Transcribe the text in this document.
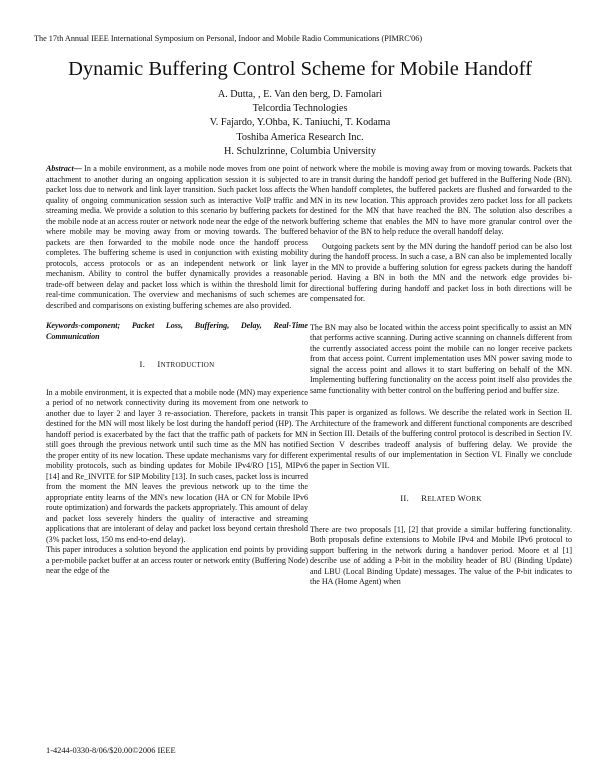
The 17th Annual IEEE International Symposium on Personal, Indoor and Mobile Radio Communications (PIMRC'06)
Dynamic Buffering Control Scheme for Mobile Handoff
A. Dutta, , E. Van den berg, D. Famolari
Telcordia Technologies
V. Fajardo, Y.Ohba, K. Taniuchi, T. Kodama
Toshiba America Research Inc.
H. Schulzrinne, Columbia University

Abstract— In a mobile environment, as a mobile node moves from one point of attachment to another during an ongoing application session it is subjected to packet loss due to network and link layer transition. Such packet loss affects the quality of ongoing communication session such as interactive VoIP traffic and streaming media. We provide a solution to this scenario by buffering packets for the mobile node at an access router or network node near the edge of the network where mobile may be moving away from or moving towards. The buffered packets are then forwarded to the mobile node once the handoff process completes. The buffering scheme is used in conjunction with existing mobility protocols, access protocols or as an independent network or link layer mechanism. Ability to control the buffer dynamically provides a reasonable trade-off between delay and packet loss which is within the threshold limit for real-time communication. The overview and mechanisms of such schemes are described and comparisons on existing buffering schemes are also provided.

Keywords-component; Packet Loss, Buffering, Delay, Real-Time Communication

I. INTRODUCTION

In a mobile environment, it is expected that a mobile node (MN) may experience a period of no network connectivity during its movement from one network to another due to layer 2 and layer 3 re-association. Therefore, packets in transit destined for the MN will most likely be lost during the handoff period (HP). The handoff period is exacerbated by the fact that the traffic path of packets for MN still goes through the previous network until such time as the MN has notified the proper entity of its new location. These update mechanisms vary for different mobility protocols, such as binding updates for Mobile IPv4/RO [15], MIPv6 [14] and Re_INVITE for SIP Mobility [13]. In such cases, packet loss is incurred from the moment the MN leaves the previous network up to the time the appropriate entity learns of the MN's new location (HA or CN for Mobile IPv6 route optimization) and forwards the packets appropriately. This amount of delay and packet loss severely hinders the quality of interactive and streaming applications that are intolerant of delay and packet loss beyond certain threshold (3% packet loss, 150 ms end-to-end delay).

This paper introduces a solution beyond the application end points by providing a per-mobile packet buffer at an access router or network entity (Buffering Node) near the edge of the

network where the mobile is moving away from or moving towards. Packets that are in transit during the handoff period get buffered in the Buffering Node (BN). When handoff completes, the buffered packets are flushed and forwarded to the MN in its new location. This approach provides zero packet loss for all packets destined for the MN that have reached the BN. The solution also describes a buffering scheme that enables the MN to have more granular control over the behavior of the BN to help reduce the overall handoff delay.

Outgoing packets sent by the MN during the handoff period can be also lost during the handoff process. In such a case, a BN can also be implemented locally in the MN to provide a buffering solution for egress packets during the handoff period. Having a BN in both the MN and the network edge provides bi-directional buffering during handoff and packet loss in both directions will be compensated for.

The BN may also be located within the access point specifically to assist an MN that performs active scanning. During active scanning on channels different from the currently associated access point the mobile can no longer receive packets from that access point. Current implementation uses MN power saving mode to signal the access point and allows it to start buffering on behalf of the MN. Implementing buffering functionality on the access point itself also provides the same functionality with better control on the buffering period and buffer size.

This paper is organized as follows. We describe the related work in Section II. Architecture of the framework and different functional components are described in Section III. Details of the buffering control protocol is described in Section IV. Section V describes tradeoff analysis of buffering delay. We provide the experimental results of our implementation in Section VI. Finally we conclude the paper in Section VII.

II. RELATED WORK

There are two proposals [1], [2] that provide a similar buffering functionality. Both proposals define extensions to Mobile IPv4 and Mobile IPv6 protocol to support buffering in the network during a handover period. Moore et al [1] describe use of adding a P-bit in the mobility header of BU (Binding Update) and LBU (Local Binding Update) messages. The value of the P-bit indicates to the HA (Home Agent) when

1-4244-0330-8/06/$20.00©2006 IEEE
